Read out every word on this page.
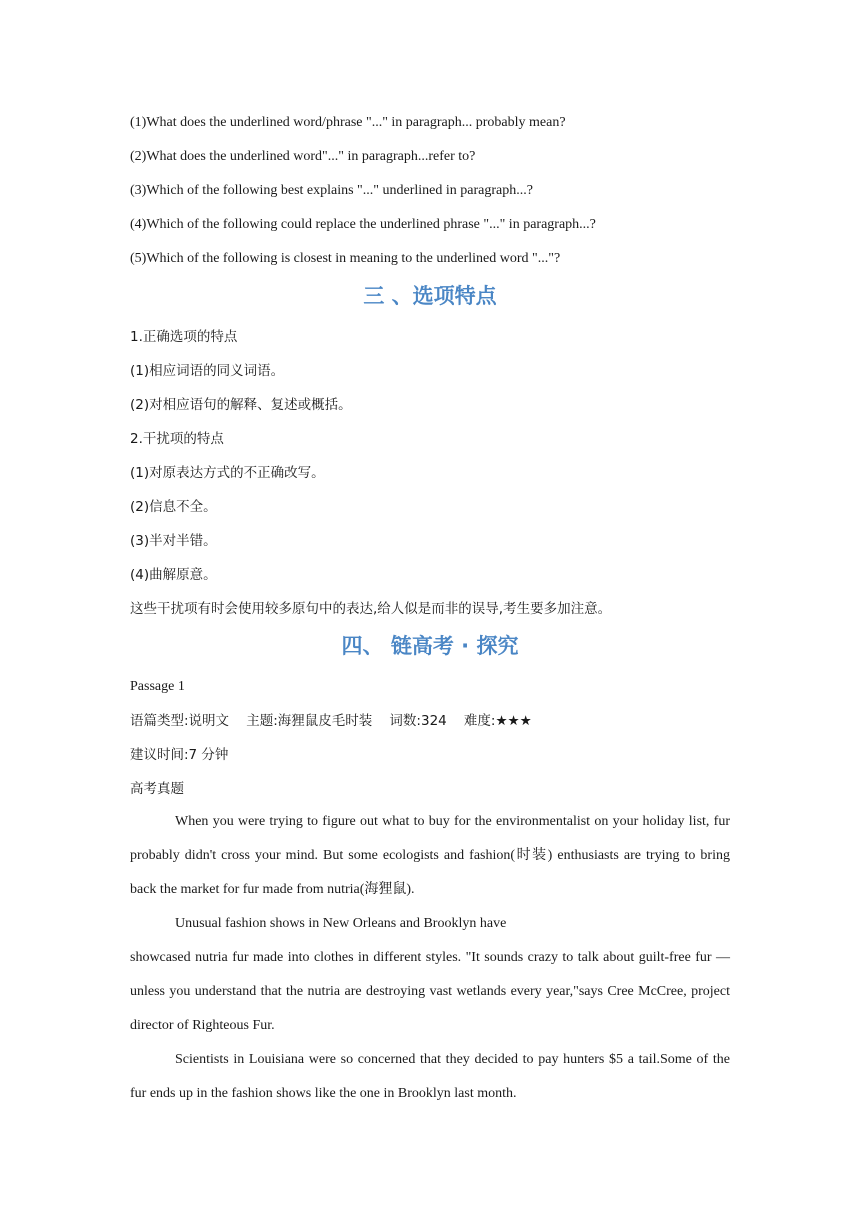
(1)What does the underlined word/phrase "..." in paragraph... probably mean?
(2)What does the underlined word"..." in paragraph...refer to?
(3)Which of the following best explains "..." underlined in paragraph...?
(4)Which of the following could replace the underlined phrase "..." in paragraph...?
(5)Which of the following is closest in meaning to the underlined word "..."?
三 、选项特点
1.正确选项的特点
(1)相应词语的同义词语。
(2)对相应语句的解释、复述或概括。
2.干扰项的特点
(1)对原表达方式的不正确改写。
(2)信息不全。
(3)半对半错。
(4)曲解原意。
这些干扰项有时会使用较多原句中的表达,给人似是而非的误导,考生要多加注意。
四、 链高考 · 探究
Passage 1
语篇类型:说明文    主题:海狸鼠皮毛时装    词数:324    难度:★★★
建议时间:7 分钟
高考真题

When you were trying to figure out what to buy for the environmentalist on your holiday list, fur probably didn't cross your mind. But some ecologists and fashion(时装) enthusiasts are trying to bring back the market for fur made from nutria(海狸鼠).

Unusual fashion shows in New Orleans and Brooklyn have

showcased nutria fur made into clothes in different styles. "It sounds crazy to talk about guilt-free fur — unless you understand that the nutria are destroying vast wetlands every year,"says Cree McCree, project director of Righteous Fur.

Scientists in Louisiana were so concerned that they decided to pay hunters $5 a tail.Some of the fur ends up in the fashion shows like the one in Brooklyn last month.
